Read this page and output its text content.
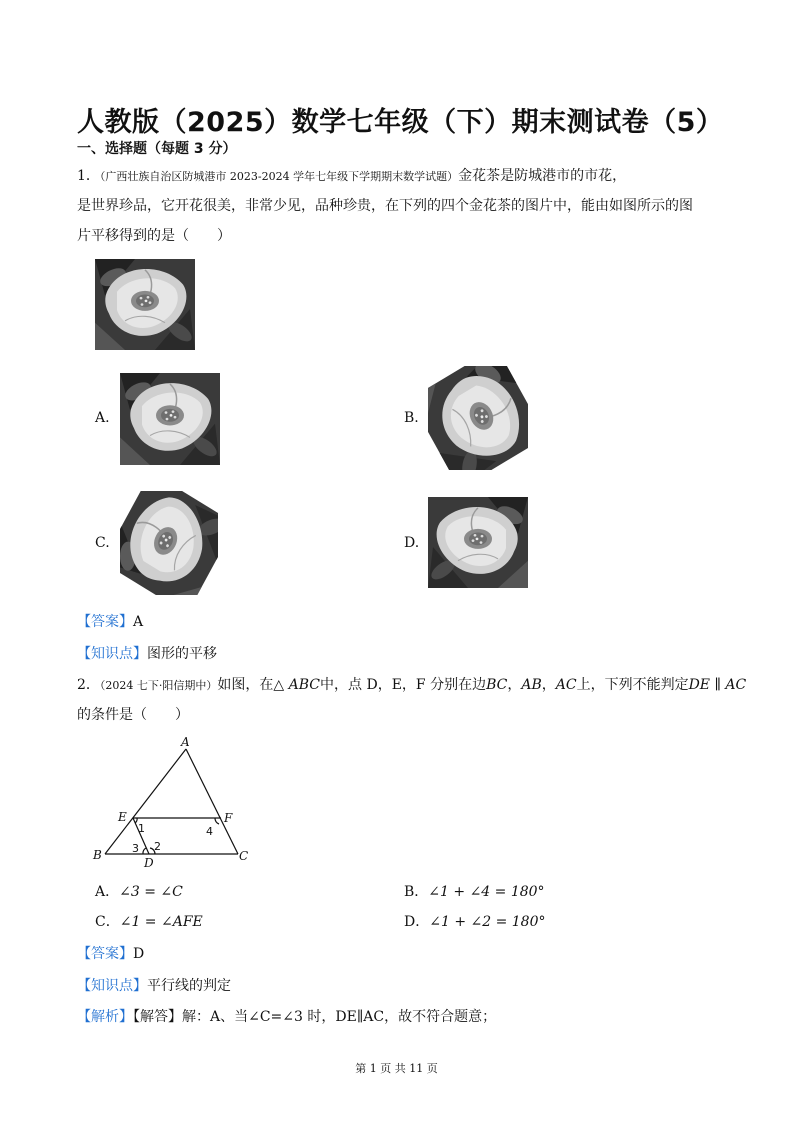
人教版（2025）数学七年级（下）期末测试卷（5）
一、选择题（每题 3 分）
1．（广西壮族自治区防城港市 2023-2024 学年七年级下学期期末数学试题）金花茶是防城港市的市花，
是世界珍品，它开花很美，非常少见，品种珍贵，在下列的四个金花茶的图片中，能由如图所示的图
片平移得到的是（　　）
A.	B.
C.	D.
【答案】A
【知识点】图形的平移
2．（2024 七下·阳信期中）如图，在△ ABC中，点 D，E，F 分别在边BC，AB，AC上，下列不能判定DE ∥ AC
的条件是（　　）
A
B	C
D
E	F
1
2
3
4
A．∠3 = ∠C	B．∠1 + ∠4 = 180°
C．∠1 = ∠AFE	D．∠1 + ∠2 = 180°
【答案】D
【知识点】平行线的判定
【解析】【解答】解：A、当∠C=∠3 时，DE∥AC，故不符合题意；
第 1 页 共 11 页
